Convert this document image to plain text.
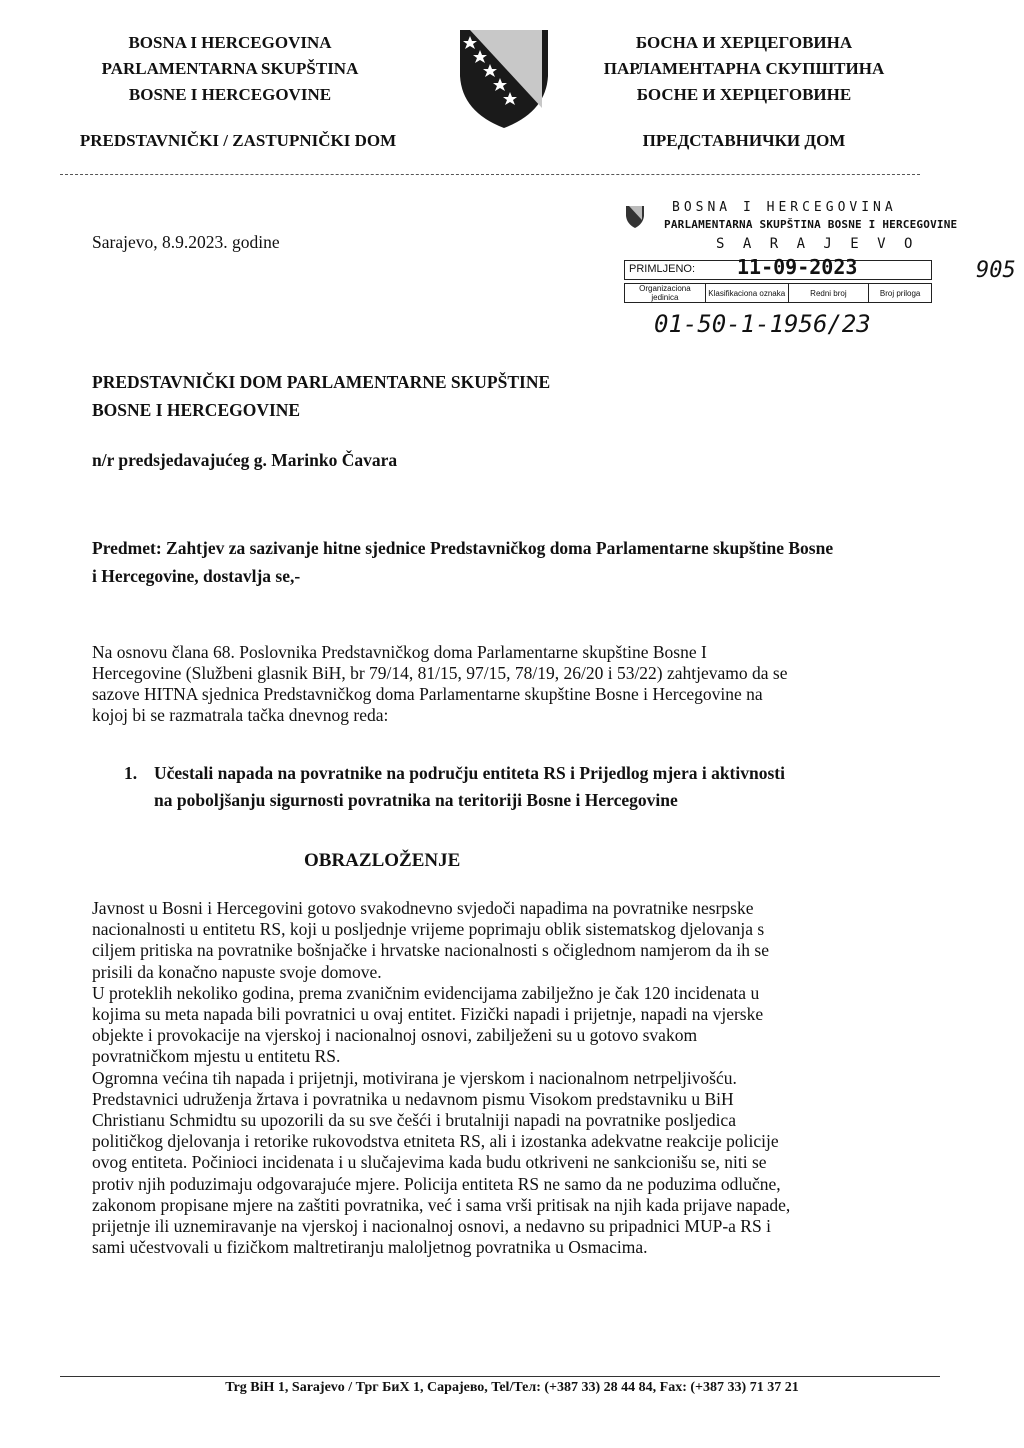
BOSNA I HERCEGOVINA
PARLAMENTARNA SKUPŠTINA
BOSNE I HERCEGOVINE
БОСНА И ХЕРЦЕГОВИНА
ПАРЛАМЕНТАРНА СКУПШТИНА
БОСНЕ И ХЕРЦЕГОВИНЕ
PREDSTAVNIČKI / ZASTUPNIČKI DOM	ПРЕДСТАВНИЧКИ ДОМ
Sarajevo, 8.9.2023. godine
BOSNA I HERCEGOVINA
PARLAMENTARNA SKUPŠTINA BOSNE I HERCEGOVINE
S A R A J E V O
PRIMLJENO: 11-09-2023
Organizaciona jedinica	Klasifikaciona oznaka	Redni broj	Broj priloga
01-50-1-1956/23
905
PREDSTAVNIČKI DOM PARLAMENTARNE SKUPŠTINE
BOSNE I HERCEGOVINE
n/r predsjedavajućeg g. Marinko Čavara
Predmet: Zahtjev za sazivanje hitne sjednice Predstavničkog doma Parlamentarne skupštine Bosne
i Hercegovine, dostavlja se,-

Na osnovu člana 68. Poslovnika Predstavničkog doma Parlamentarne skupštine Bosne I

Hercegovine (Službeni glasnik BiH, br 79/14, 81/15, 97/15, 78/19, 26/20 i 53/22) zahtjevamo da se

sazove HITNA sjednica Predstavničkog doma Parlamentarne skupštine Bosne i Hercegovine na

kojoj bi se razmatrala tačka dnevnog reda:

1. Učestali napada na povratnike na području entiteta RS i Prijedlog mjera i aktivnosti
na poboljšanju sigurnosti povratnika na teritoriji Bosne i Hercegovine
OBRAZLOŽENJE

Javnost u Bosni i Hercegovini gotovo svakodnevno svjedoči napadima na povratnike nesrpske

nacionalnosti u entitetu RS, koji u posljednje vrijeme poprimaju oblik sistematskog djelovanja s

ciljem pritiska na povratnike bošnjačke i hrvatske nacionalnosti s očiglednom namjerom da ih se

prisili da konačno napuste svoje domove.

U proteklih nekoliko godina, prema zvaničnim evidencijama zabilježno je čak 120 incidenata u

kojima su meta napada bili povratnici u ovaj entitet. Fizički napadi i prijetnje, napadi na vjerske

objekte i provokacije na vjerskoj i nacionalnoj osnovi, zabilježeni su u gotovo svakom

povratničkom mjestu u entitetu RS.

Ogromna većina tih napada i prijetnji, motivirana je vjerskom i nacionalnom netrpeljivošću.

Predstavnici udruženja žrtava i povratnika u nedavnom pismu Visokom predstavniku u BiH

Christianu Schmidtu su upozorili da su sve češći i brutalniji napadi na povratnike posljedica

političkog djelovanja i retorike rukovodstva etniteta RS, ali i izostanka adekvatne reakcije policije

ovog entiteta. Počinioci incidenata i u slučajevima kada budu otkriveni ne sankcionišu se, niti se

protiv njih poduzimaju odgovarajuće mjere. Policija entiteta RS ne samo da ne poduzima odlučne,

zakonom propisane mjere na zaštiti povratnika, već i sama vrši pritisak na njih kada prijave napade,

prijetnje ili uznemiravanje na vjerskoj i nacionalnoj osnovi, a nedavno su pripadnici MUP-a RS i

sami učestvovali u fizičkom maltretiranju maloljetnog povratnika u Osmacima.

Trg BiH 1, Sarajevo / Трг БиХ 1, Сарајево, Tel/Тел: (+387 33) 28 44 84, Fax: (+387 33) 71 37 21
